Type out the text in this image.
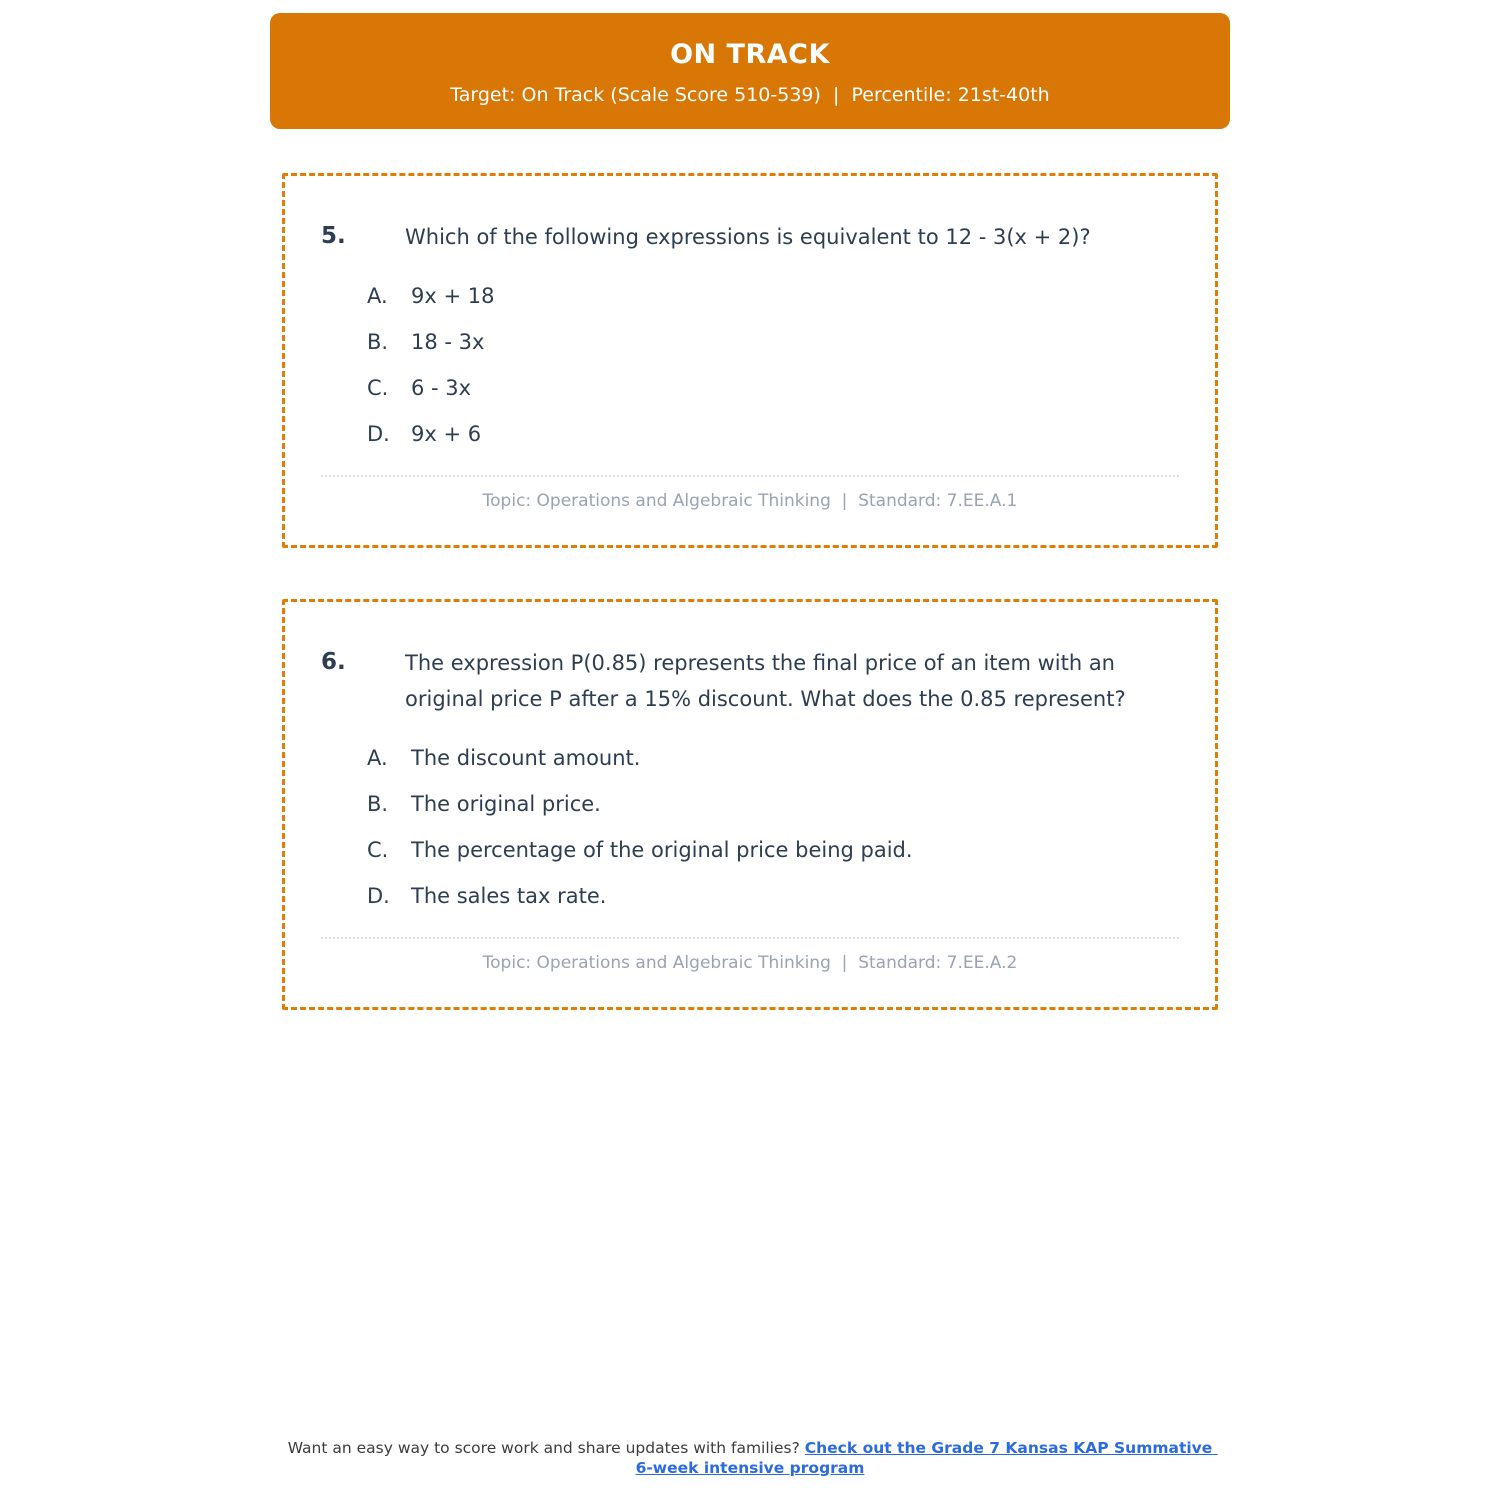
ON TRACK

Target: On Track (Scale Score 510-539)  |  Percentile: 21st-40th

5.	Which of the following expressions is equivalent to 12 - 3(x + 2)?

A.	9x + 18
B.	18 - 3x
C.	6 - 3x
D.	9x + 6

Topic: Operations and Algebraic Thinking  |  Standard: 7.EE.A.1

6.	The expression P(0.85) represents the final price of an item with an original price P after a 15% discount. What does the 0.85 represent?

A.	The discount amount.
B.	The original price.
C.	The percentage of the original price being paid.
D.	The sales tax rate.

Topic: Operations and Algebraic Thinking  |  Standard: 7.EE.A.2

Want an easy way to score work and share updates with families? Check out the Grade 7 Kansas KAP Summative 6-week intensive program
